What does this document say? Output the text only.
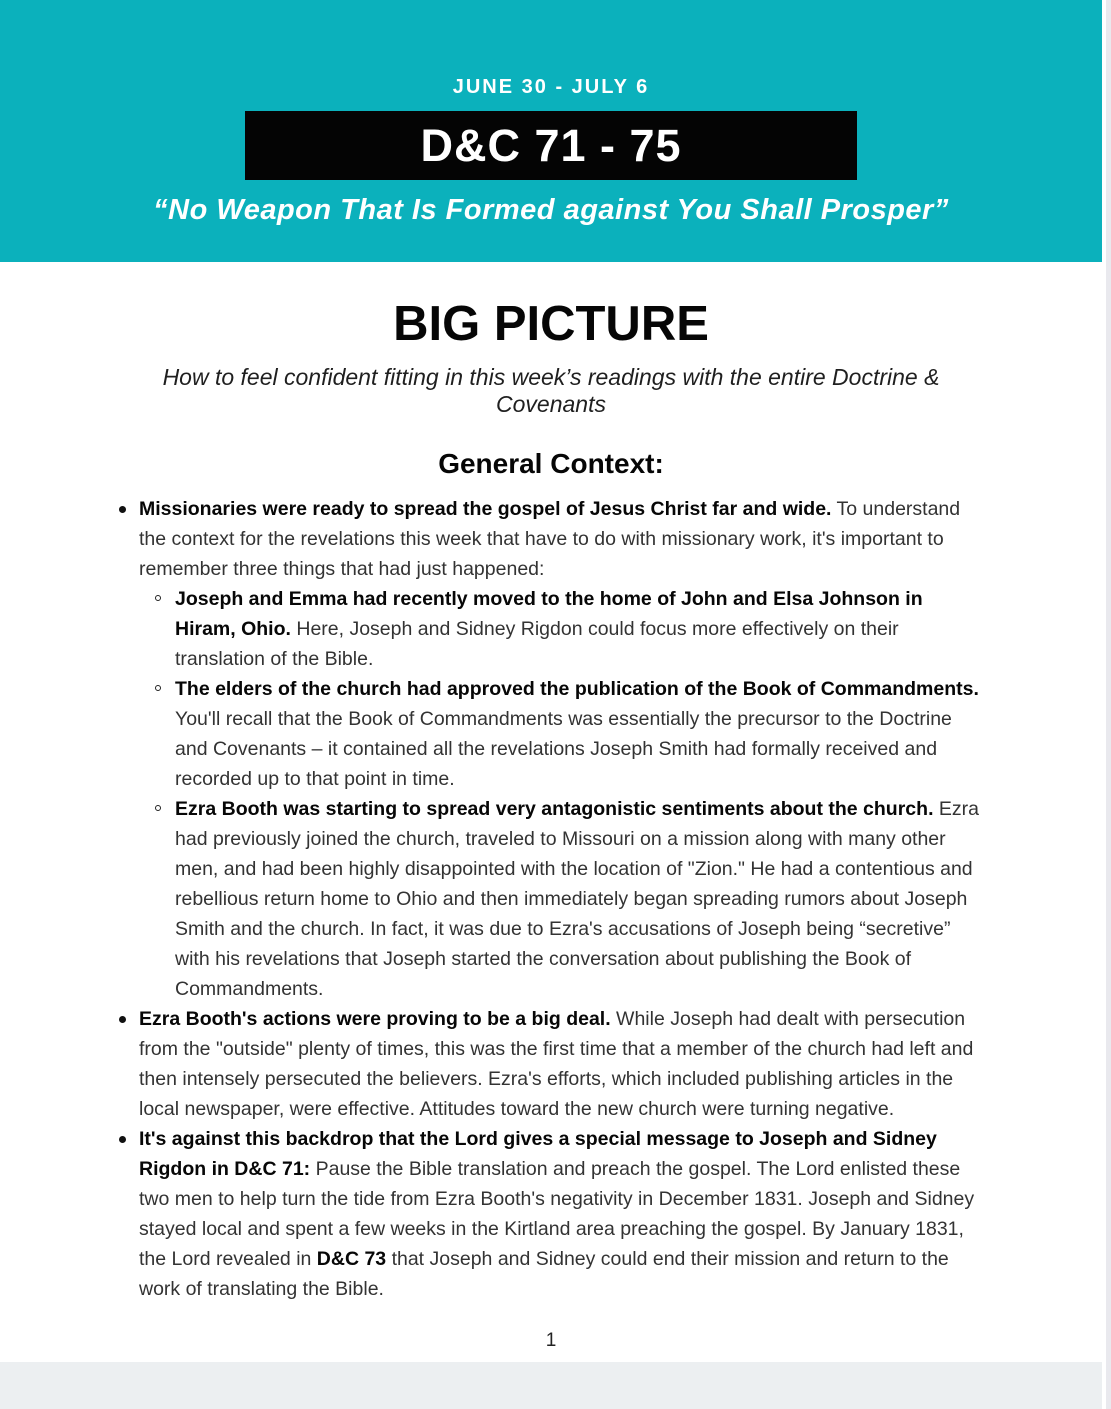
JUNE 30 - JULY 6
D&C 71 - 75
“No Weapon That Is Formed against You Shall Prosper”
BIG PICTURE
How to feel confident fitting in this week’s readings with the entire Doctrine & Covenants
General Context:
Missionaries were ready to spread the gospel of Jesus Christ far and wide. To understand the context for the revelations this week that have to do with missionary work, it's important to remember three things that had just happened:
Joseph and Emma had recently moved to the home of John and Elsa Johnson in Hiram, Ohio. Here, Joseph and Sidney Rigdon could focus more effectively on their translation of the Bible.
The elders of the church had approved the publication of the Book of Commandments. You'll recall that the Book of Commandments was essentially the precursor to the Doctrine and Covenants – it contained all the revelations Joseph Smith had formally received and recorded up to that point in time.
Ezra Booth was starting to spread very antagonistic sentiments about the church. Ezra had previously joined the church, traveled to Missouri on a mission along with many other men, and had been highly disappointed with the location of "Zion." He had a contentious and rebellious return home to Ohio and then immediately began spreading rumors about Joseph Smith and the church. In fact, it was due to Ezra's accusations of Joseph being “secretive” with his revelations that Joseph started the conversation about publishing the Book of Commandments.
Ezra Booth's actions were proving to be a big deal. While Joseph had dealt with persecution from the "outside" plenty of times, this was the first time that a member of the church had left and then intensely persecuted the believers. Ezra's efforts, which included publishing articles in the local newspaper, were effective. Attitudes toward the new church were turning negative.
It's against this backdrop that the Lord gives a special message to Joseph and Sidney Rigdon in D&C 71: Pause the Bible translation and preach the gospel. The Lord enlisted these two men to help turn the tide from Ezra Booth's negativity in December 1831. Joseph and Sidney stayed local and spent a few weeks in the Kirtland area preaching the gospel. By January 1831, the Lord revealed in D&C 73 that Joseph and Sidney could end their mission and return to the work of translating the Bible.
1
